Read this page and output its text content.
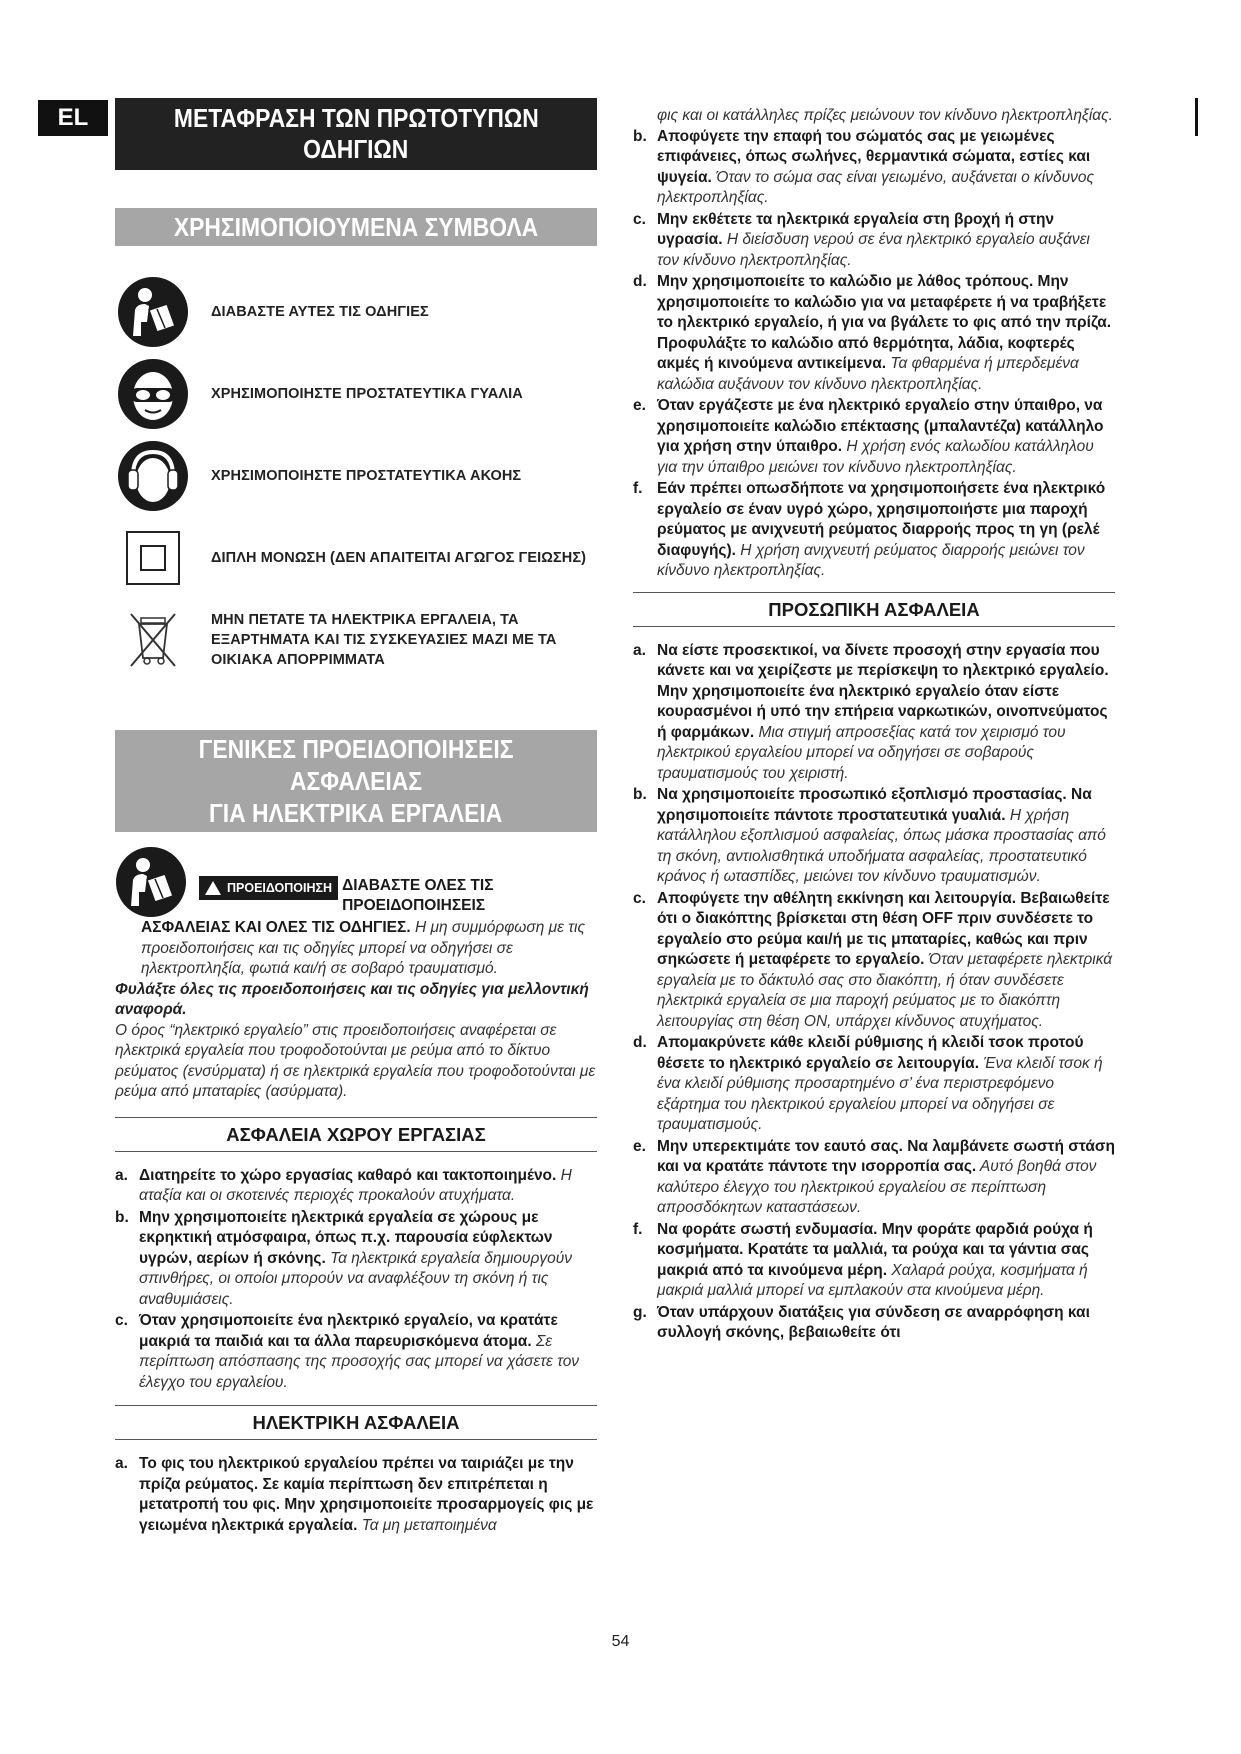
EL	ΜΕΤΑΦΡΑΣΗ ΤΩΝ ΠΡΩΤΟΤΥΠΩΝ
ΟΔΗΓΙΩΝ
ΧΡΗΣΙΜΟΠΟΙΟΥΜΕΝΑ ΣΥΜΒΟΛΑ
ΔΙΑΒΑΣΤΕ ΑΥΤΕΣ ΤΙΣ ΟΔΗΓΙΕΣ
ΧΡΗΣΙΜΟΠΟΙΗΣΤΕ ΠΡΟΣΤΑΤΕΥΤΙΚΑ ΓΥΑΛΙΑ
ΧΡΗΣΙΜΟΠΟΙΗΣΤΕ ΠΡΟΣΤΑΤΕΥΤΙΚΑ ΑΚΟΗΣ
ΔΙΠΛΗ ΜΟΝΩΣΗ (ΔΕΝ ΑΠΑΙΤΕΙΤΑΙ ΑΓΩΓΟΣ ΓΕΙΩΣΗΣ)
ΜΗΝ ΠΕΤΑΤΕ ΤΑ ΗΛΕΚΤΡΙΚΑ ΕΡΓΑΛΕΙΑ, ΤΑ ΕΞΑΡΤΗΜΑΤΑ ΚΑΙ ΤΙΣ ΣΥΣΚΕΥΑΣΙΕΣ ΜΑΖΙ ΜΕ ΤΑ ΟΙΚΙΑΚΑ ΑΠΟΡΡΙΜΜΑΤΑ
ΓΕΝΙΚΕΣ ΠΡΟΕΙΔΟΠΟΙΗΣΕΙΣ ΑΣΦΑΛΕΙΑΣ
ΓΙΑ ΗΛΕΚΤΡΙΚΑ ΕΡΓΑΛΕΙΑ
ΠΡΟΕΙΔΟΠΟΙΗΣΗ ΔΙΑΒΑΣΤΕ ΟΛΕΣ ΤΙΣ
ΠΡΟΕΙΔΟΠΟΙΗΣΕΙΣ

ΑΣΦΑΛΕΙΑΣ ΚΑΙ ΟΛΕΣ ΤΙΣ ΟΔΗΓΙΕΣ. Η μη συμμόρφωση με τις προειδοποιήσεις και τις οδηγίες μπορεί να οδηγήσει σε ηλεκτροπληξία, φωτιά και/ή σε σοβαρό τραυματισμό.

Φυλάξτε όλες τις προειδοποιήσεις και τις οδηγίες για μελλοντική αναφορά.

Ο όρος “ηλεκτρικό εργαλείο” στις προειδοποιήσεις αναφέρεται σε ηλεκτρικά εργαλεία που τροφοδοτούνται με ρεύμα από το δίκτυο ρεύματος (ενσύρματα) ή σε ηλεκτρικά εργαλεία που τροφοδοτούνται με ρεύμα από μπαταρίες (ασύρματα).

ΑΣΦΑΛΕΙΑ ΧΩΡΟΥ ΕΡΓΑΣΙΑΣ
a. Διατηρείτε το χώρο εργασίας καθαρό και τακτοποιημένο. Η αταξία και οι σκοτεινές περιοχές προκαλούν ατυχήματα.
b. Μην χρησιμοποιείτε ηλεκτρικά εργαλεία σε χώρους με εκρηκτική ατμόσφαιρα, όπως π.χ. παρουσία εύφλεκτων υγρών, αερίων ή σκόνης. Τα ηλεκτρικά εργαλεία δημιουργούν σπινθήρες, οι οποίοι μπορούν να αναφλέξουν τη σκόνη ή τις αναθυμιάσεις.
c. Όταν χρησιμοποιείτε ένα ηλεκτρικό εργαλείο, να κρατάτε μακριά τα παιδιά και τα άλλα παρευρισκόμενα άτομα. Σε περίπτωση απόσπασης της προσοχής σας μπορεί να χάσετε τον έλεγχο του εργαλείου.
ΗΛΕΚΤΡΙΚΗ ΑΣΦΑΛΕΙΑ
a. Το φις του ηλεκτρικού εργαλείου πρέπει να ταιριάζει με την πρίζα ρεύματος. Σε καμία περίπτωση δεν επιτρέπεται η μετατροπή του φις. Μην χρησιμοποιείτε προσαρμογείς φις με γειωμένα ηλεκτρικά εργαλεία. Τα μη μεταποιημένα

φις και οι κατάλληλες πρίζες μειώνουν τον κίνδυνο ηλεκτροπληξίας.

b. Αποφύγετε την επαφή του σώματός σας με γειωμένες επιφάνειες, όπως σωλήνες, θερμαντικά σώματα, εστίες και ψυγεία. Όταν το σώμα σας είναι γειωμένο, αυξάνεται ο κίνδυνος ηλεκτροπληξίας.
c. Μην εκθέτετε τα ηλεκτρικά εργαλεία στη βροχή ή στην υγρασία. Η διείσδυση νερού σε ένα ηλεκτρικό εργαλείο αυξάνει τον κίνδυνο ηλεκτροπληξίας.
d. Μην χρησιμοποιείτε το καλώδιο με λάθος τρόπους. Μην χρησιμοποιείτε το καλώδιο για να μεταφέρετε ή να τραβήξετε το ηλεκτρικό εργαλείο, ή για να βγάλετε το φις από την πρίζα. Προφυλάξτε το καλώδιο από θερμότητα, λάδια, κοφτερές ακμές ή κινούμενα αντικείμενα. Τα φθαρμένα ή μπερδεμένα καλώδια αυξάνουν τον κίνδυνο ηλεκτροπληξίας.
e. Όταν εργάζεστε με ένα ηλεκτρικό εργαλείο στην ύπαιθρο, να χρησιμοποιείτε καλώδιο επέκτασης (μπαλαντέζα) κατάλληλο για χρήση στην ύπαιθρο. Η χρήση ενός καλωδίου κατάλληλου για την ύπαιθρο μειώνει τον κίνδυνο ηλεκτροπληξίας.
f. Εάν πρέπει οπωσδήποτε να χρησιμοποιήσετε ένα ηλεκτρικό εργαλείο σε έναν υγρό χώρο, χρησιμοποιήστε μια παροχή ρεύματος με ανιχνευτή ρεύματος διαρροής προς τη γη (ρελέ διαφυγής). Η χρήση ανιχνευτή ρεύματος διαρροής μειώνει τον κίνδυνο ηλεκτροπληξίας.
ΠΡΟΣΩΠΙΚΗ ΑΣΦΑΛΕΙΑ
a. Να είστε προσεκτικοί, να δίνετε προσοχή στην εργασία που κάνετε και να χειρίζεστε με περίσκεψη το ηλεκτρικό εργαλείο. Μην χρησιμοποιείτε ένα ηλεκτρικό εργαλείο όταν είστε κουρασμένοι ή υπό την επήρεια ναρκωτικών, οινοπνεύματος ή φαρμάκων. Μια στιγμή απροσεξίας κατά τον χειρισμό του ηλεκτρικού εργαλείου μπορεί να οδηγήσει σε σοβαρούς τραυματισμούς του χειριστή.
b. Να χρησιμοποιείτε προσωπικό εξοπλισμό προστασίας. Να χρησιμοποιείτε πάντοτε προστατευτικά γυαλιά. Η χρήση κατάλληλου εξοπλισμού ασφαλείας, όπως μάσκα προστασίας από τη σκόνη, αντιολισθητικά υποδήματα ασφαλείας, προστατευτικό κράνος ή ωτασπίδες, μειώνει τον κίνδυνο τραυματισμών.
c. Αποφύγετε την αθέλητη εκκίνηση και λειτουργία. Βεβαιωθείτε ότι ο διακόπτης βρίσκεται στη θέση OFF πριν συνδέσετε το εργαλείο στο ρεύμα και/ή με τις μπαταρίες, καθώς και πριν σηκώσετε ή μεταφέρετε το εργαλείο. Όταν μεταφέρετε ηλεκτρικά εργαλεία με το δάκτυλό σας στο διακόπτη, ή όταν συνδέσετε ηλεκτρικά εργαλεία σε μια παροχή ρεύματος με το διακόπτη λειτουργίας στη θέση ON, υπάρχει κίνδυνος ατυχήματος.
d. Απομακρύνετε κάθε κλειδί ρύθμισης ή κλειδί τσοκ προτού θέσετε το ηλεκτρικό εργαλείο σε λειτουργία. Ένα κλειδί τσοκ ή ένα κλειδί ρύθμισης προσαρτημένο σ’ ένα περιστρεφόμενο εξάρτημα του ηλεκτρικού εργαλείου μπορεί να οδηγήσει σε τραυματισμούς.
e. Μην υπερεκτιμάτε τον εαυτό σας. Να λαμβάνετε σωστή στάση και να κρατάτε πάντοτε την ισορροπία σας. Αυτό βοηθά στον καλύτερο έλεγχο του ηλεκτρικού εργαλείου σε περίπτωση απροσδόκητων καταστάσεων.
f. Να φοράτε σωστή ενδυμασία. Μην φοράτε φαρδιά ρούχα ή κοσμήματα. Κρατάτε τα μαλλιά, τα ρούχα και τα γάντια σας μακριά από τα κινούμενα μέρη. Χαλαρά ρούχα, κοσμήματα ή μακριά μαλλιά μπορεί να εμπλακούν στα κινούμενα μέρη.
g. Όταν υπάρχουν διατάξεις για σύνδεση σε αναρρόφηση και συλλογή σκόνης, βεβαιωθείτε ότι
54
